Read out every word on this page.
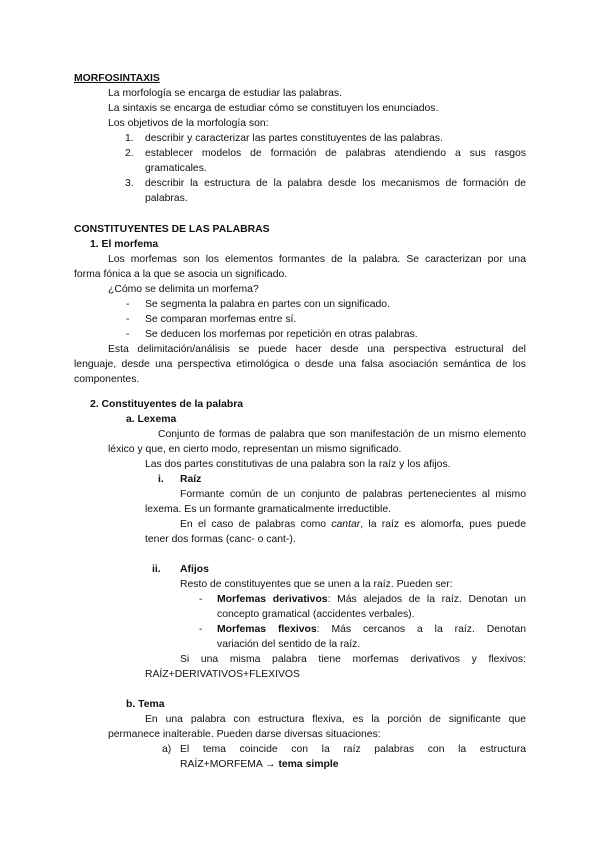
MORFOSINTAXIS
La morfología se encarga de estudiar las palabras.
La sintaxis se encarga de estudiar cómo se constituyen los enunciados.
Los objetivos de la morfología son:
1. describir y caracterizar las partes constituyentes de las palabras.
2. establecer modelos de formación de palabras atendiendo a sus rasgos
gramaticales.
3. describir la estructura de la palabra desde los mecanismos de formación de
palabras.
CONSTITUYENTES DE LAS PALABRAS
1. El morfema
Los morfemas son los elementos formantes de la palabra. Se caracterizan por una
forma fónica a la que se asocia un significado.
¿Cómo se delimita un morfema?
- Se segmenta la palabra en partes con un significado.
- Se comparan morfemas entre sí.
- Se deducen los morfemas por repetición en otras palabras.
Esta delimitación/análisis se puede hacer desde una perspectiva estructural del
lenguaje, desde una perspectiva etimológica o desde una falsa asociación semántica de los
componentes.
2. Constituyentes de la palabra
a. Lexema
Conjunto de formas de palabra que son manifestación de un mismo elemento
léxico y que, en cierto modo, representan un mismo significado.
Las dos partes constitutivas de una palabra son la raíz y los afijos.
i. Raíz
Formante común de un conjunto de palabras pertenecientes al mismo
lexema. Es un formante gramaticalmente irreductible.
En el caso de palabras como cantar, la raíz es alomorfa, pues puede
tener dos formas (canc- o cant-).
ii. Afijos
Resto de constituyentes que se unen a la raíz. Pueden ser:
- Morfemas derivativos: Más alejados de la raíz. Denotan un
concepto gramatical (accidentes verbales).
- Morfemas flexivos: Más cercanos a la raíz. Denotan
variación del sentido de la raíz.
Si una misma palabra tiene morfemas derivativos y flexivos:
RAÍZ+DERIVATIVOS+FLEXIVOS
b. Tema
En una palabra con estructura flexiva, es la porción de significante que
permanece inalterable. Pueden darse diversas situaciones:
a) El tema coincide con la raíz palabras con la estructura
RAÍZ+MORFEMA → tema simple
